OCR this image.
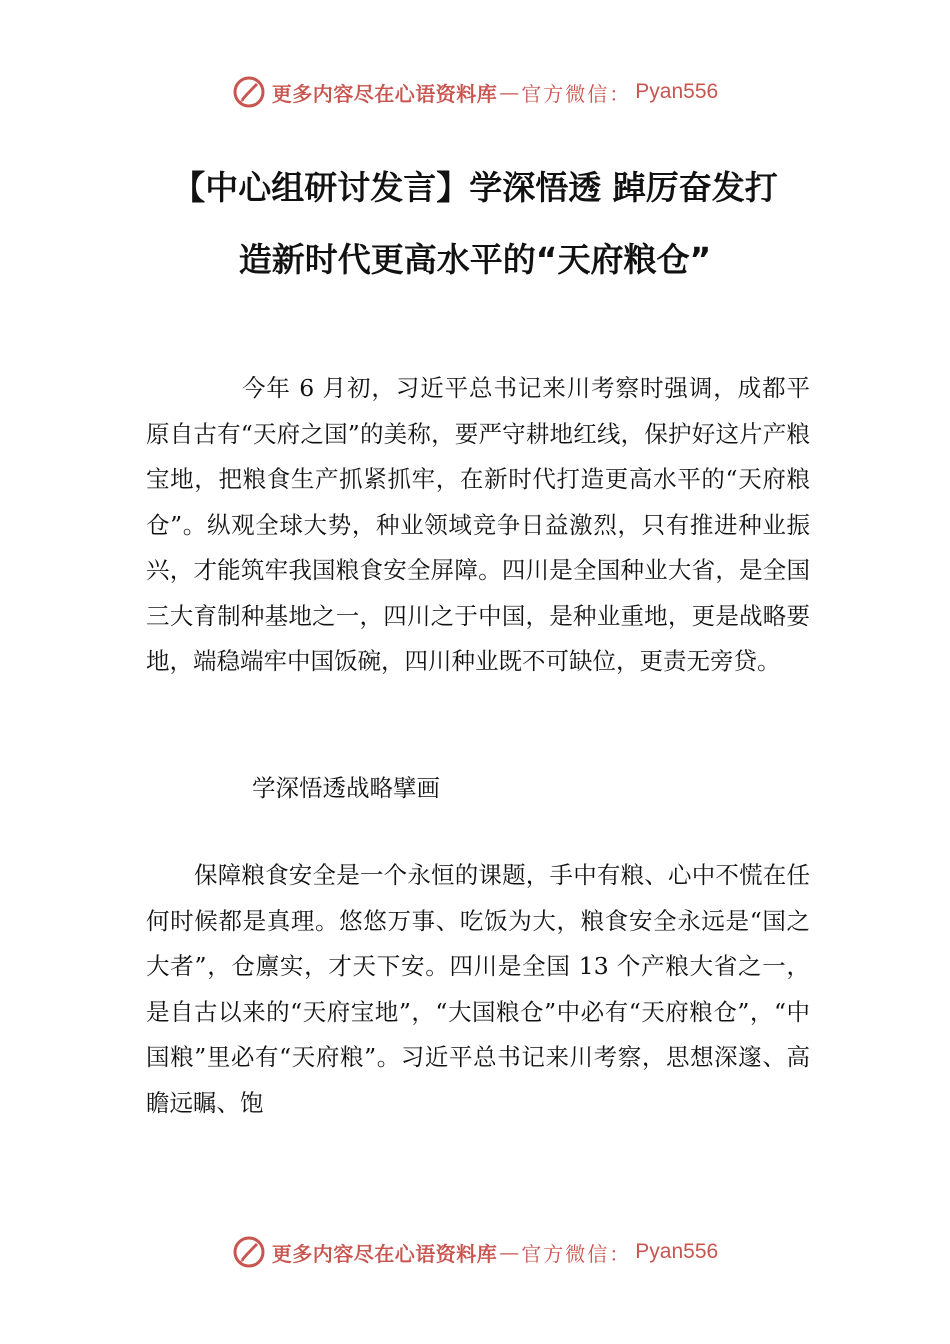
更多内容尽在心语资料库 — 官方微信： Pyan556
【中心组研讨发言】学深悟透 踔厉奋发打
造新时代更高水平的“天府粮仓”

今年 6 月初，习近平总书记来川考察时强调，成都平原自古有“天府之国”的美称，要严守耕地红线，保护好这片产粮宝地，把粮食生产抓紧抓牢，在新时代打造更高水平的“天府粮仓”。纵观全球大势，种业领域竞争日益激烈，只有推进种业振兴，才能筑牢我国粮食安全屏障。四川是全国种业大省，是全国三大育制种基地之一，四川之于中国，是种业重地，更是战略要地，端稳端牢中国饭碗，四川种业既不可缺位，更责无旁贷。

学深悟透战略擘画

保障粮食安全是一个永恒的课题，手中有粮、心中不慌在任何时候都是真理。悠悠万事、吃饭为大，粮食安全永远是“国之大者”，仓廪实，才天下安。四川是全国 13 个产粮大省之一，是自古以来的“天府宝地”，“大国粮仓”中必有“天府粮仓”，“中国粮”里必有“天府粮”。习近平总书记来川考察，思想深邃、高瞻远瞩、饱

更多内容尽在心语资料库 — 官方微信： Pyan556
